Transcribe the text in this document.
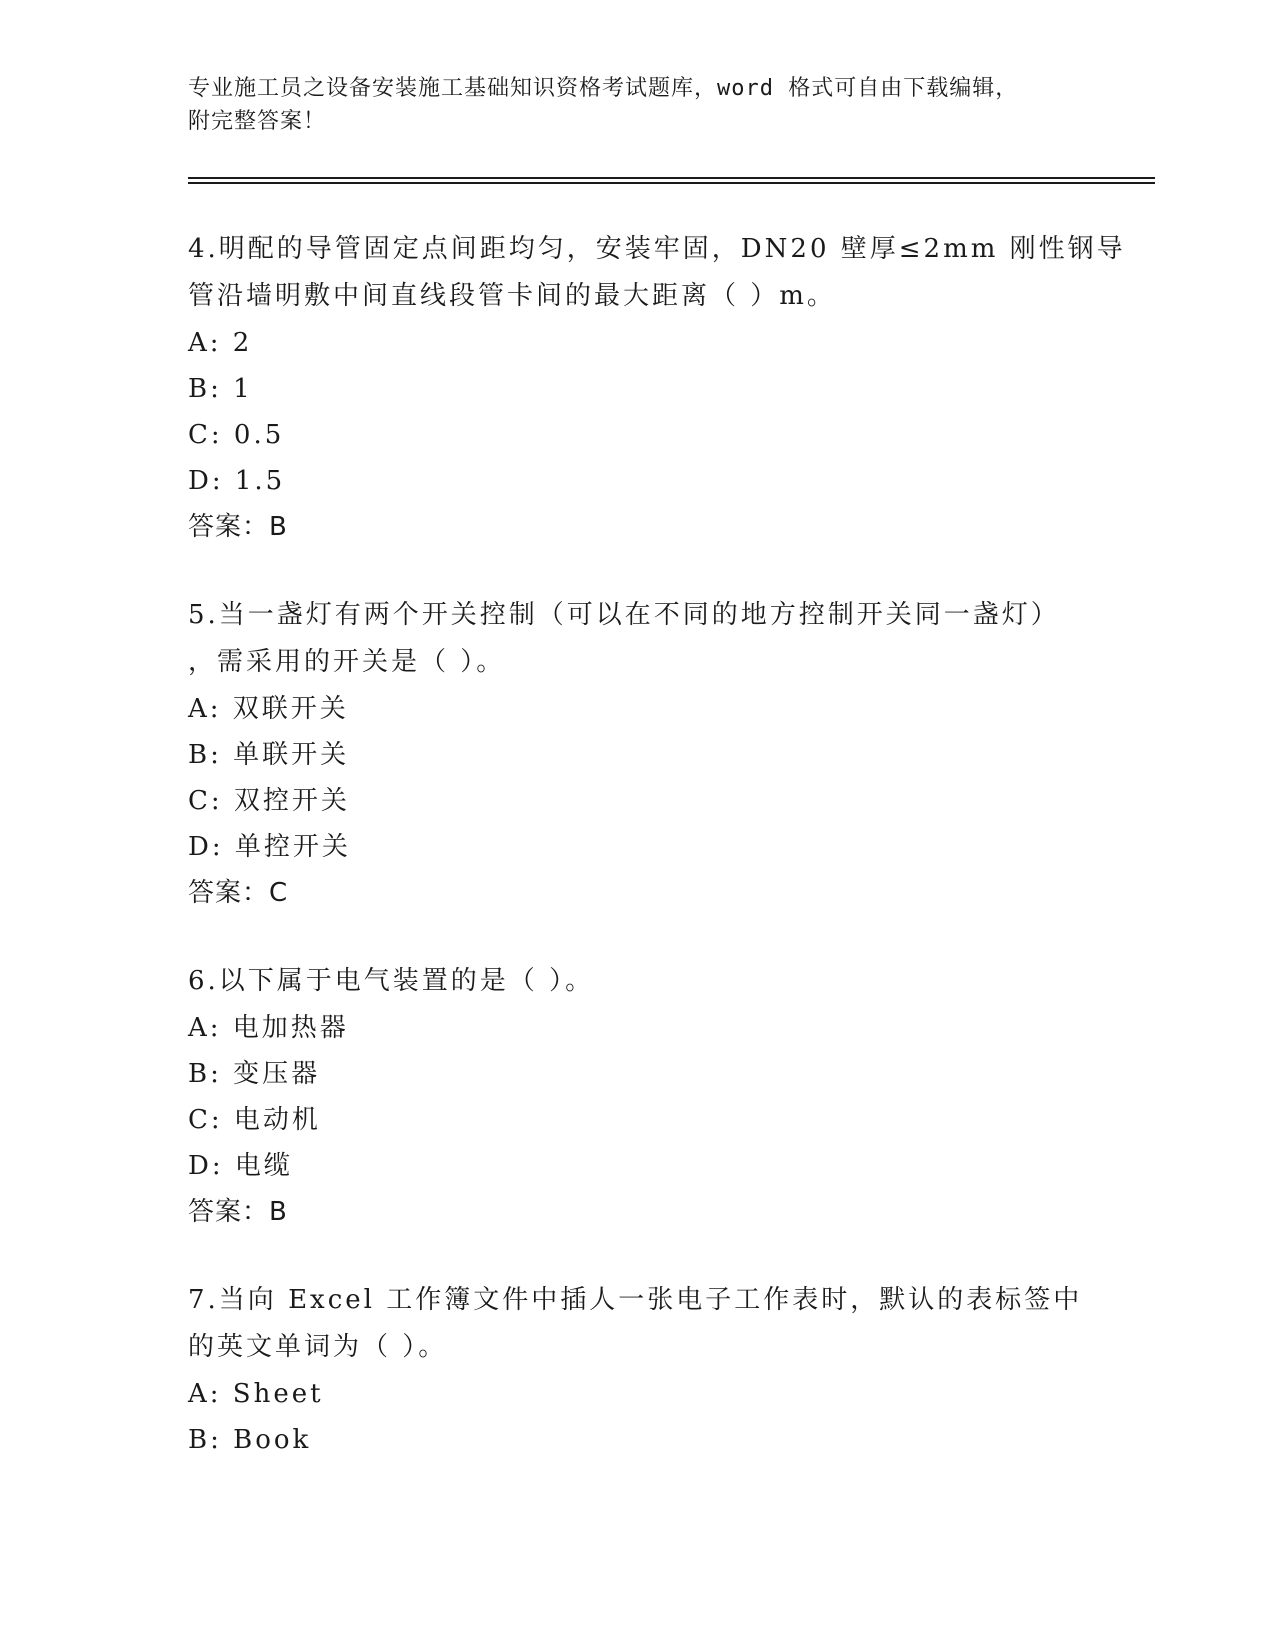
专业施工员之设备安装施工基础知识资格考试题库，word 格式可自由下载编辑，
附完整答案！
4.明配的导管固定点间距均匀，安装牢固，DN20 壁厚≤2mm 刚性钢导
管沿墙明敷中间直线段管卡间的最大距离（ ）m。
A: 2
B: 1
C: 0.5
D: 1.5
答案：B
5.当一盏灯有两个开关控制（可以在不同的地方控制开关同一盏灯）
，需采用的开关是（ ）。
A: 双联开关
B: 单联开关
C: 双控开关
D: 单控开关
答案：C
6.以下属于电气装置的是（ ）。
A: 电加热器
B: 变压器
C: 电动机
D: 电缆
答案：B
7.当向 Excel 工作簿文件中插人一张电子工作表时，默认的表标签中
的英文单词为（ ）。
A: Sheet
B: Book
